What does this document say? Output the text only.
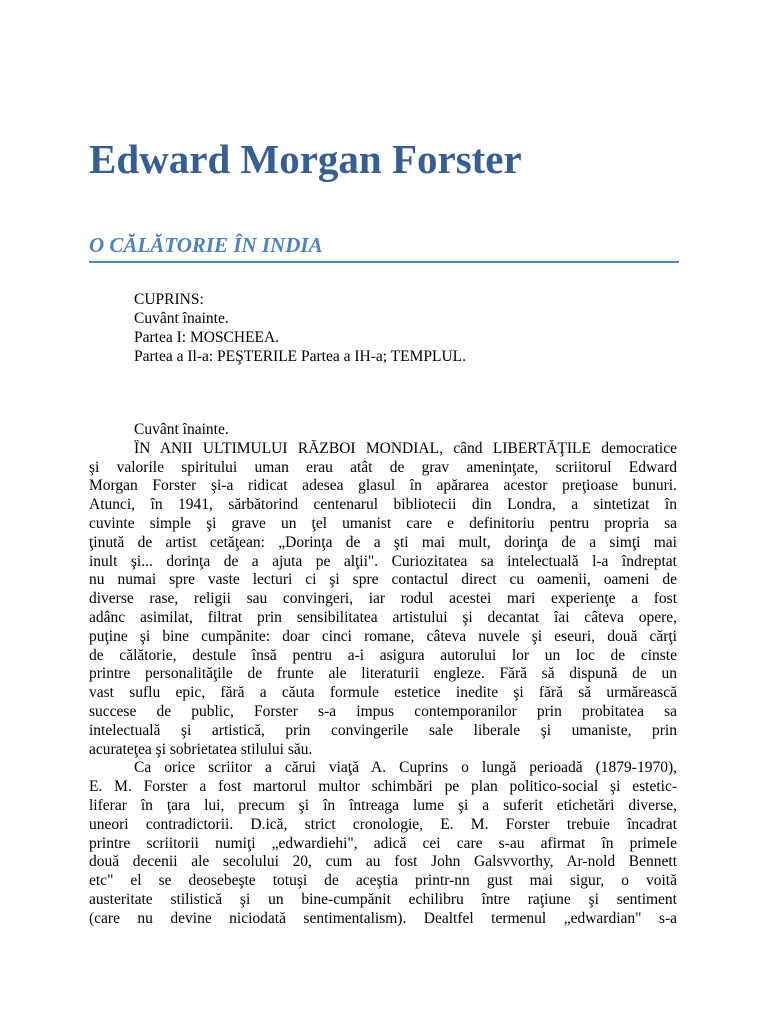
Edward Morgan Forster
O CĂLĂTORIE ÎN INDIA
CUPRINS:
Cuvânt înainte.
Partea I: MOSCHEEA.
Partea a Il-a: PEŞTERILE Partea a IH-a; TEMPLUL.
Cuvânt înainte.
ÎN ANII ULTIMULUI RĂZBOI MONDIAL, când LIBERTĂŢILE democratice
şi valorile spiritului uman erau atât de grav ameninţate, scriitorul Edward
Morgan Forster şi-a ridicat adesea glasul în apărarea acestor preţioase bunuri.
Atunci, în 1941, sărbătorind centenarul bibliotecii din Londra, a sintetizat în
cuvinte simple şi grave un ţel umanist care e definitoriu pentru propria sa
ţinută de artist cetăţean: „Dorinţa de a şti mai mult, dorinţa de a simţi mai
inult şi... dorinţa de a ajuta pe alţii". Curiozitatea sa intelectuală l-a îndreptat
nu numai spre vaste lecturi ci şi spre contactul direct cu oamenii, oameni de
diverse rase, religii sau convingeri, iar rodul acestei mari experienţe a fost
adânc asimilat, filtrat prin sensibilitatea artistului şi decantat îai câteva opere,
puţine şi bine cumpănite: doar cinci romane, câteva nuvele şi eseuri, două cărţi
de călătorie, destule însă pentru a-i asigura autorului lor un loc de cinste
printre personalităţile de frunte ale literaturii engleze. Fără să dispună de un
vast suflu epic, fără a căuta formule estetice inedite şi fără să urmărească
succese de public, Forster s-a impus contemporanilor prin probitatea sa
intelectuală şi artistică, prin convingerile sale liberale şi umaniste, prin
acurateţea şi sobrietatea stilului său.
Ca orice scriitor a cărui viaţă A. Cuprins o lungă perioadă (1879-1970),
E. M. Forster a fost martorul multor schimbări pe plan politico-social şi estetic-
liferar în ţara lui, precum şi în întreaga lume şi a suferit etichetări diverse,
uneori contradictorii. D.ică, strict cronologie, E. M. Forster trebuie încadrat
printre scriitorii numiţi „edwardiehi", adică cei care s-au afirmat în primele
două decenii ale secolului 20, cum au fost John Galsvvorthy, Ar-nold Bennett
etc" el se deosebeşte totuşi de aceştia printr-nn gust mai sigur, o voită
austeritate stilistică şi un bine-cumpănit echilibru între raţiune şi sentiment
(care nu devine niciodată sentimentalism). Dealtfel termenul „edwardian" s-a
